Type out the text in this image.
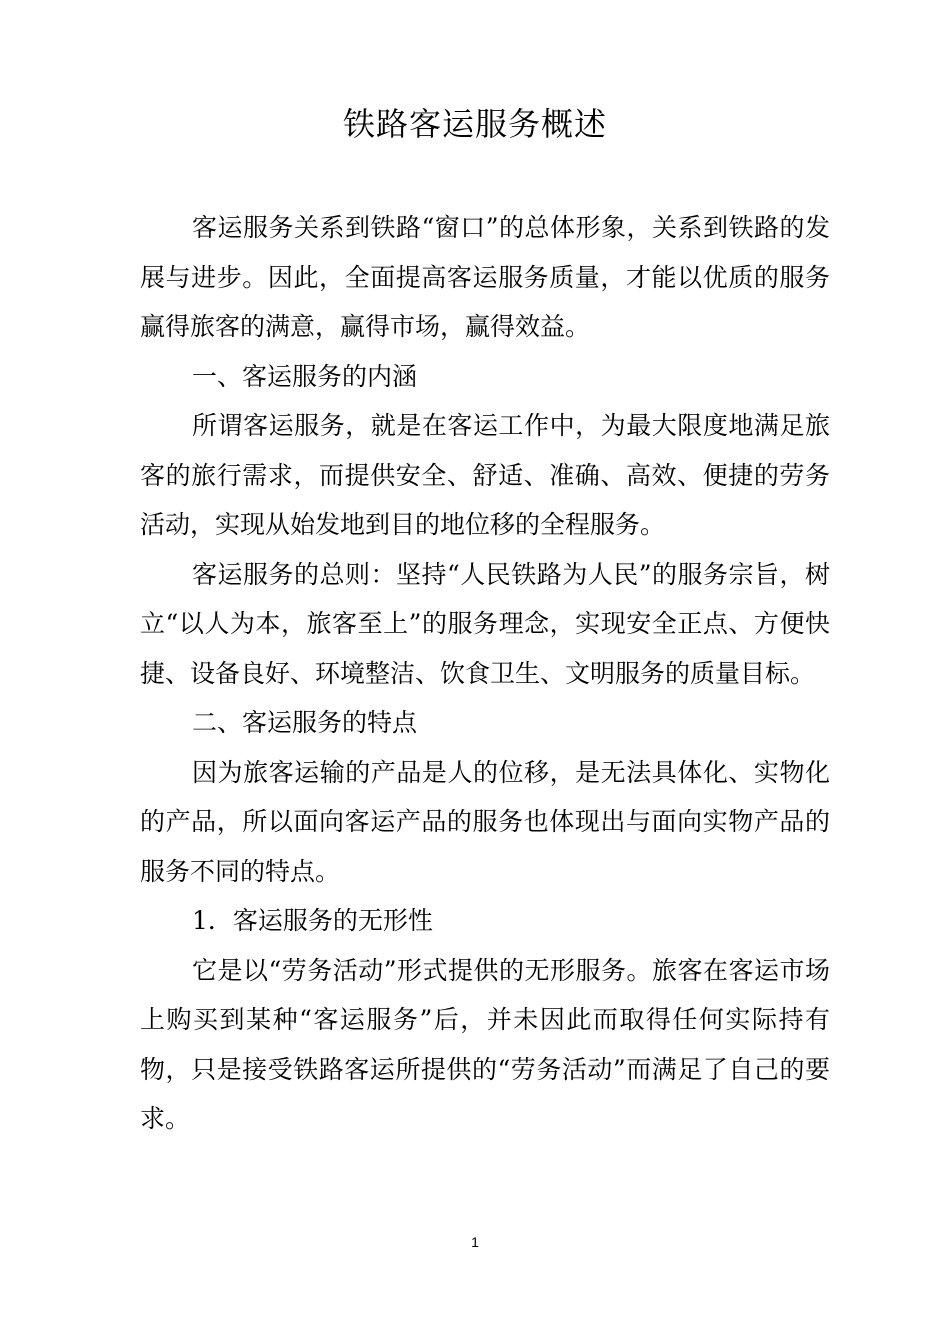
铁路客运服务概述

客运服务关系到铁路“窗口”的总体形象，关系到铁路的发展与进步。因此，全面提高客运服务质量，才能以优质的服务赢得旅客的满意，赢得市场，赢得效益。

一、客运服务的内涵

所谓客运服务，就是在客运工作中，为最大限度地满足旅客的旅行需求，而提供安全、舒适、准确、高效、便捷的劳务活动，实现从始发地到目的地位移的全程服务。

客运服务的总则：坚持“人民铁路为人民”的服务宗旨，树立“以人为本，旅客至上”的服务理念，实现安全正点、方便快捷、设备良好、环境整洁、饮食卫生、文明服务的质量目标。

二、客运服务的特点

因为旅客运输的产品是人的位移，是无法具体化、实物化的产品，所以面向客运产品的服务也体现出与面向实物产品的服务不同的特点。

1．客运服务的无形性

它是以“劳务活动”形式提供的无形服务。旅客在客运市场上购买到某种“客运服务”后，并未因此而取得任何实际持有物，只是接受铁路客运所提供的“劳务活动”而满足了自己的要求。

1
